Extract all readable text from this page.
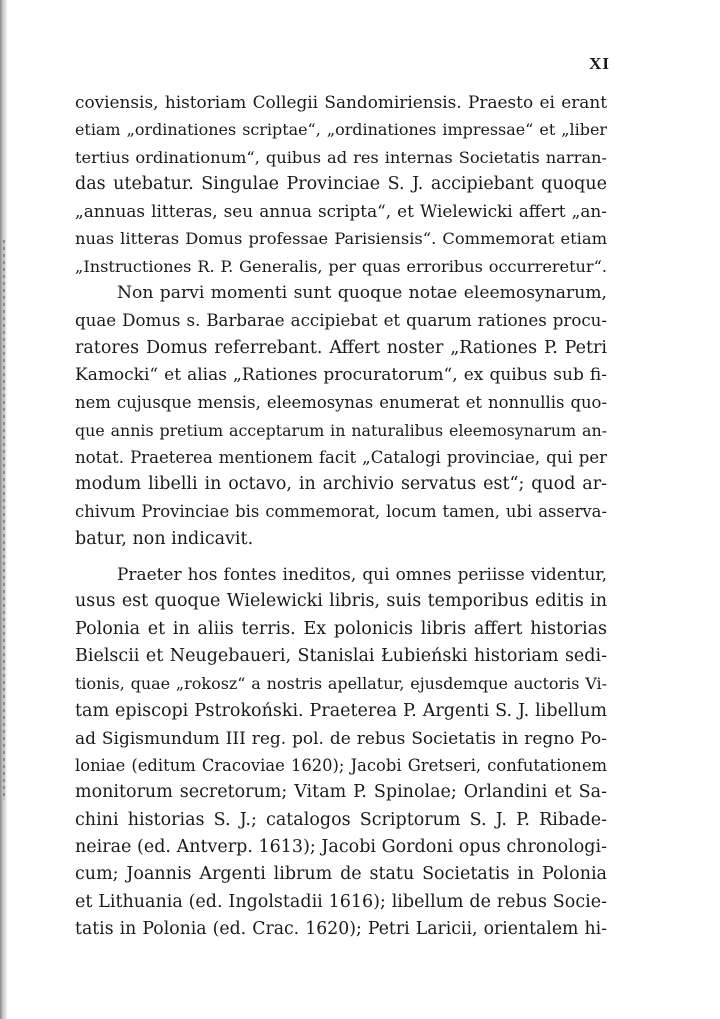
XI
coviensis, historiam Collegii Sandomiriensis. Praesto ei erant
etiam „ordinationes scriptae“, „ordinationes impressae“ et „liber
tertius ordinationum“, quibus ad res internas Societatis narran-
das utebatur. Singulae Provinciae S. J. accipiebant quoque
„annuas litteras, seu annua scripta“, et Wielewicki affert „an-
nuas litteras Domus professae Parisiensis“. Commemorat etiam
„Instructiones R. P. Generalis, per quas erroribus occurreretur“.
Non parvi momenti sunt quoque notae eleemosynarum,
quae Domus s. Barbarae accipiebat et quarum rationes procu-
ratores Domus referrebant. Affert noster „Rationes P. Petri
Kamocki“ et alias „Rationes procuratorum“, ex quibus sub fi-
nem cujusque mensis, eleemosynas enumerat et nonnullis quo-
que annis pretium acceptarum in naturalibus eleemosynarum an-
notat. Praeterea mentionem facit „Catalogi provinciae, qui per
modum libelli in octavo, in archivio servatus est“; quod ar-
chivum Provinciae bis commemorat, locum tamen, ubi asserva-
batur, non indicavit.
Praeter hos fontes ineditos, qui omnes periisse videntur,
usus est quoque Wielewicki libris, suis temporibus editis in
Polonia et in aliis terris. Ex polonicis libris affert historias
Bielscii et Neugebaueri, Stanislai Łubieński historiam sedi-
tionis, quae „rokosz“ a nostris apellatur, ejusdemque auctoris Vi-
tam episcopi Pstrokoński. Praeterea P. Argenti S. J. libellum
ad Sigismundum III reg. pol. de rebus Societatis in regno Po-
loniae (editum Cracoviae 1620); Jacobi Gretseri, confutationem
monitorum secretorum; Vitam P. Spinolae; Orlandini et Sa-
chini historias S. J.; catalogos Scriptorum S. J. P. Ribade-
neirae (ed. Antverp. 1613); Jacobi Gordoni opus chronologi-
cum; Joannis Argenti librum de statu Societatis in Polonia
et Lithuania (ed. Ingolstadii 1616); libellum de rebus Socie-
tatis in Polonia (ed. Crac. 1620); Petri Laricii, orientalem hi-
